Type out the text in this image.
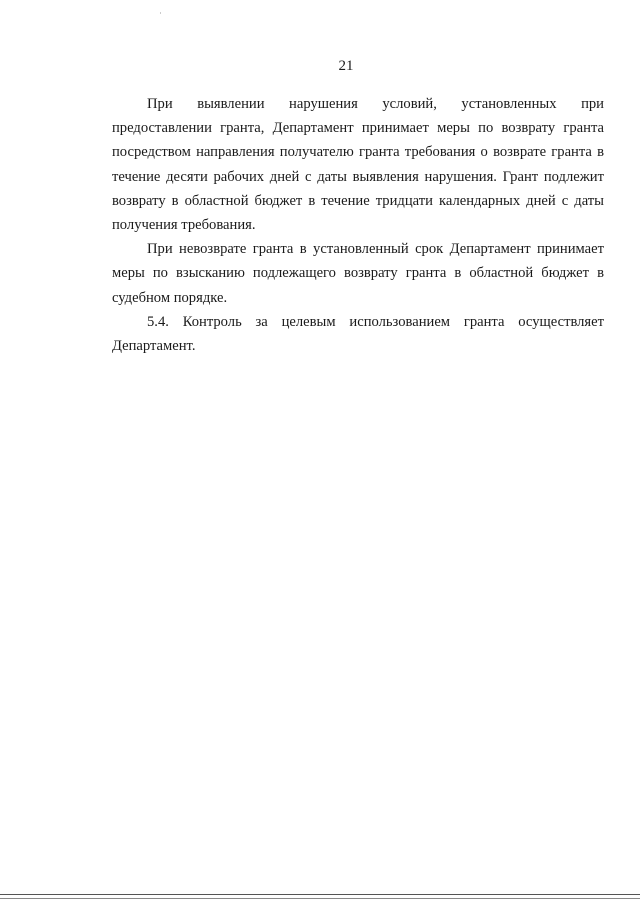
21

При выявлении нарушения условий, установленных при

предоставлении гранта, Департамент принимает меры по возврату гранта посредством направления получателю гранта требования о возврате гранта в течение десяти рабочих дней с даты выявления нарушения. Грант подлежит возврату в областной бюджет в течение тридцати календарных дней с даты получения требования.

При невозврате гранта в установленный срок Департамент принимает меры по взысканию подлежащего возврату гранта в областной бюджет в судебном порядке.

5.4. Контроль за целевым использованием гранта осуществляет Департамент.
